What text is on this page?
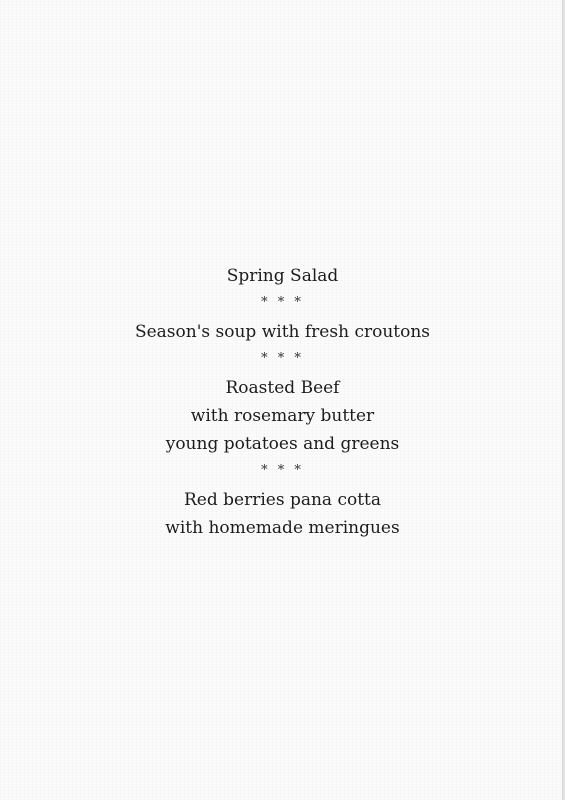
Spring Salad
* * *
Season's soup with fresh croutons
* * *
Roasted Beef
with rosemary butter
young potatoes and greens
* * *
Red berries pana cotta
with homemade meringues
